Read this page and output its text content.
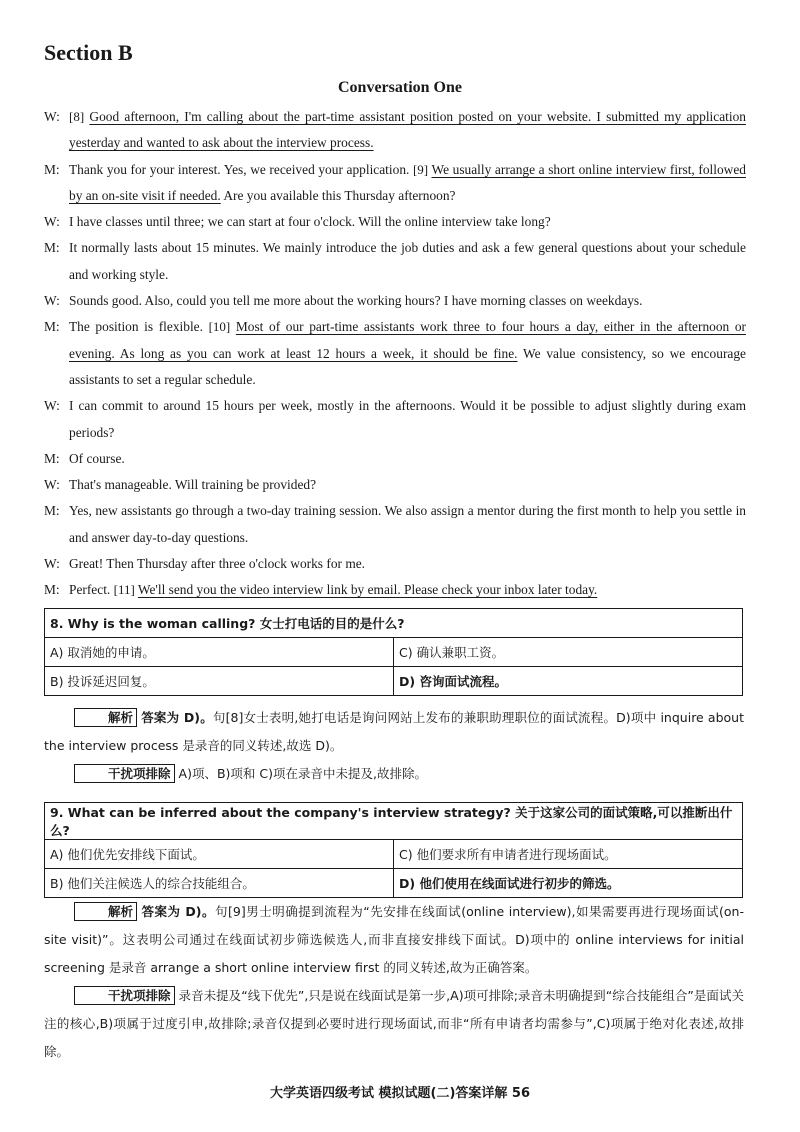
Section B
Conversation One
W: [8] Good afternoon, I'm calling about the part-time assistant position posted on your website. I submitted my application yesterday and wanted to ask about the interview process.
M: Thank you for your interest. Yes, we received your application. [9] We usually arrange a short online interview first, followed by an on-site visit if needed. Are you available this Thursday afternoon?
W: I have classes until three; we can start at four o'clock. Will the online interview take long?
M: It normally lasts about 15 minutes. We mainly introduce the job duties and ask a few general questions about your schedule and working style.
W: Sounds good. Also, could you tell me more about the working hours? I have morning classes on weekdays.
M: The position is flexible. [10] Most of our part-time assistants work three to four hours a day, either in the afternoon or evening. As long as you can work at least 12 hours a week, it should be fine. We value consistency, so we encourage assistants to set a regular schedule.
W: I can commit to around 15 hours per week, mostly in the afternoons. Would it be possible to adjust slightly during exam periods?
M: Of course.
W: That's manageable. Will training be provided?
M: Yes, new assistants go through a two-day training session. We also assign a mentor during the first month to help you settle in and answer day-to-day questions.
W: Great! Then Thursday after three o'clock works for me.
M: Perfect. [11] We'll send you the video interview link by email. Please check your inbox later today.
8. Why is the woman calling? 女士打电话的目的是什么?	
A) 取消她的申请。	C) 确认兼职工资。
B) 投诉延迟回复。	D) 咨询面试流程。
解析 答案为 D)。句[8]女士表明,她打电话是询问网站上发布的兼职助理职位的面试流程。D)项中 inquire about the interview process 是录音的同义转述,故选 D)。
干扰项排除 A)项、B)项和 C)项在录音中未提及,故排除。
9. What can be inferred about the company's interview strategy? 关于这家公司的面试策略,可以推断出什么?	
A) 他们优先安排线下面试。	C) 他们要求所有申请者进行现场面试。
B) 他们关注候选人的综合技能组合。	D) 他们使用在线面试进行初步的筛选。
解析 答案为 D)。句[9]男士明确提到流程为“先安排在线面试(online interview),如果需要再进行现场面试(on-site visit)”。这表明公司通过在线面试初步筛选候选人,而非直接安排线下面试。D)项中的 online interviews for initial screening 是录音 arrange a short online interview first 的同义转述,故为正确答案。
干扰项排除 录音未提及“线下优先”,只是说在线面试是第一步,A)项可排除;录音未明确提到“综合技能组合”是面试关注的核心,B)项属于过度引申,故排除;录音仅提到必要时进行现场面试,而非“所有申请者均需参与”,C)项属于绝对化表述,故排除。
大学英语四级考试 模拟试题(二)答案详解 56
